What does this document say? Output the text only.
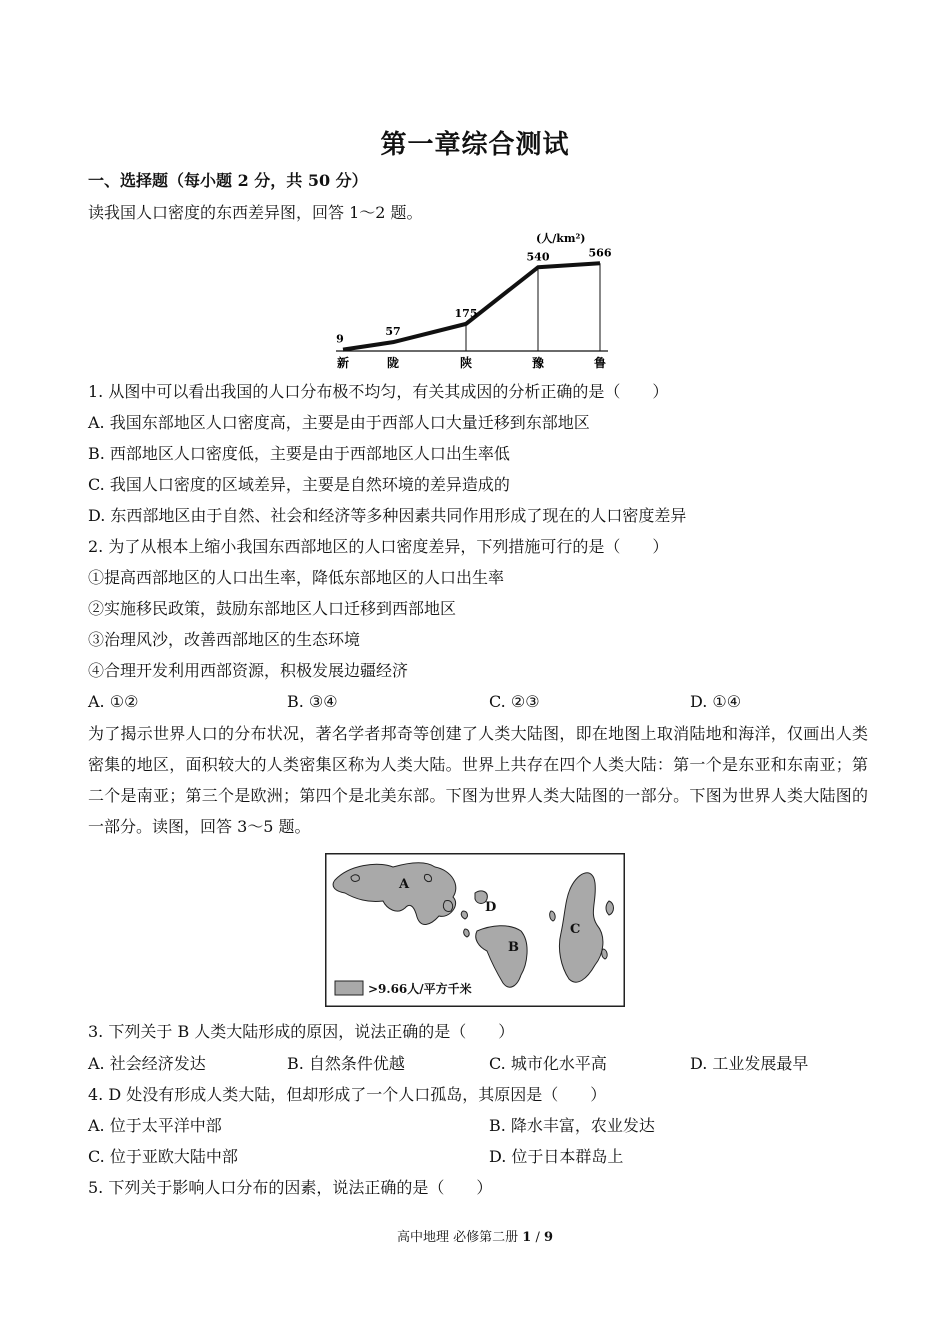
第一章综合测试
一、选择题（每小题 2 分，共 50 分）
读我国人口密度的东西差异图，回答 1～2 题。
(人/km²)
9
57
175
540	566
新	陇	陕	豫	鲁
1. 从图中可以看出我国的人口分布极不均匀，有关其成因的分析正确的是（　　）
A. 我国东部地区人口密度高，主要是由于西部人口大量迁移到东部地区
B. 西部地区人口密度低，主要是由于西部地区人口出生率低
C. 我国人口密度的区域差异，主要是自然环境的差异造成的
D. 东西部地区由于自然、社会和经济等多种因素共同作用形成了现在的人口密度差异
2. 为了从根本上缩小我国东西部地区的人口密度差异，下列措施可行的是（　　）
①提高西部地区的人口出生率，降低东部地区的人口出生率
②实施移民政策，鼓励东部地区人口迁移到西部地区
③治理风沙，改善西部地区的生态环境
④合理开发利用西部资源，积极发展边疆经济
A. ①②	B. ③④	C. ②③	D. ①④
为了揭示世界人口的分布状况，著名学者邦奇等创建了人类大陆图，即在地图上取消陆地和海洋，仅画出人类密集的地区，面积较大的人类密集区称为人类大陆。世界上共存在四个人类大陆：第一个是东亚和东南亚；第二个是南亚；第三个是欧洲；第四个是北美东部。下图为世界人类大陆图的一部分。下图为世界人类大陆图的一部分。读图，回答 3～5 题。
A
B
C
D
>9.66人/平方千米
3. 下列关于 B 人类大陆形成的原因，说法正确的是（　　）
A. 社会经济发达	B. 自然条件优越	C. 城市化水平高	D. 工业发展最早
4. D 处没有形成人类大陆，但却形成了一个人口孤岛，其原因是（　　）
A. 位于太平洋中部	B. 降水丰富，农业发达
C. 位于亚欧大陆中部	D. 位于日本群岛上
5. 下列关于影响人口分布的因素，说法正确的是（　　）
高中地理 必修第二册 1 / 9
